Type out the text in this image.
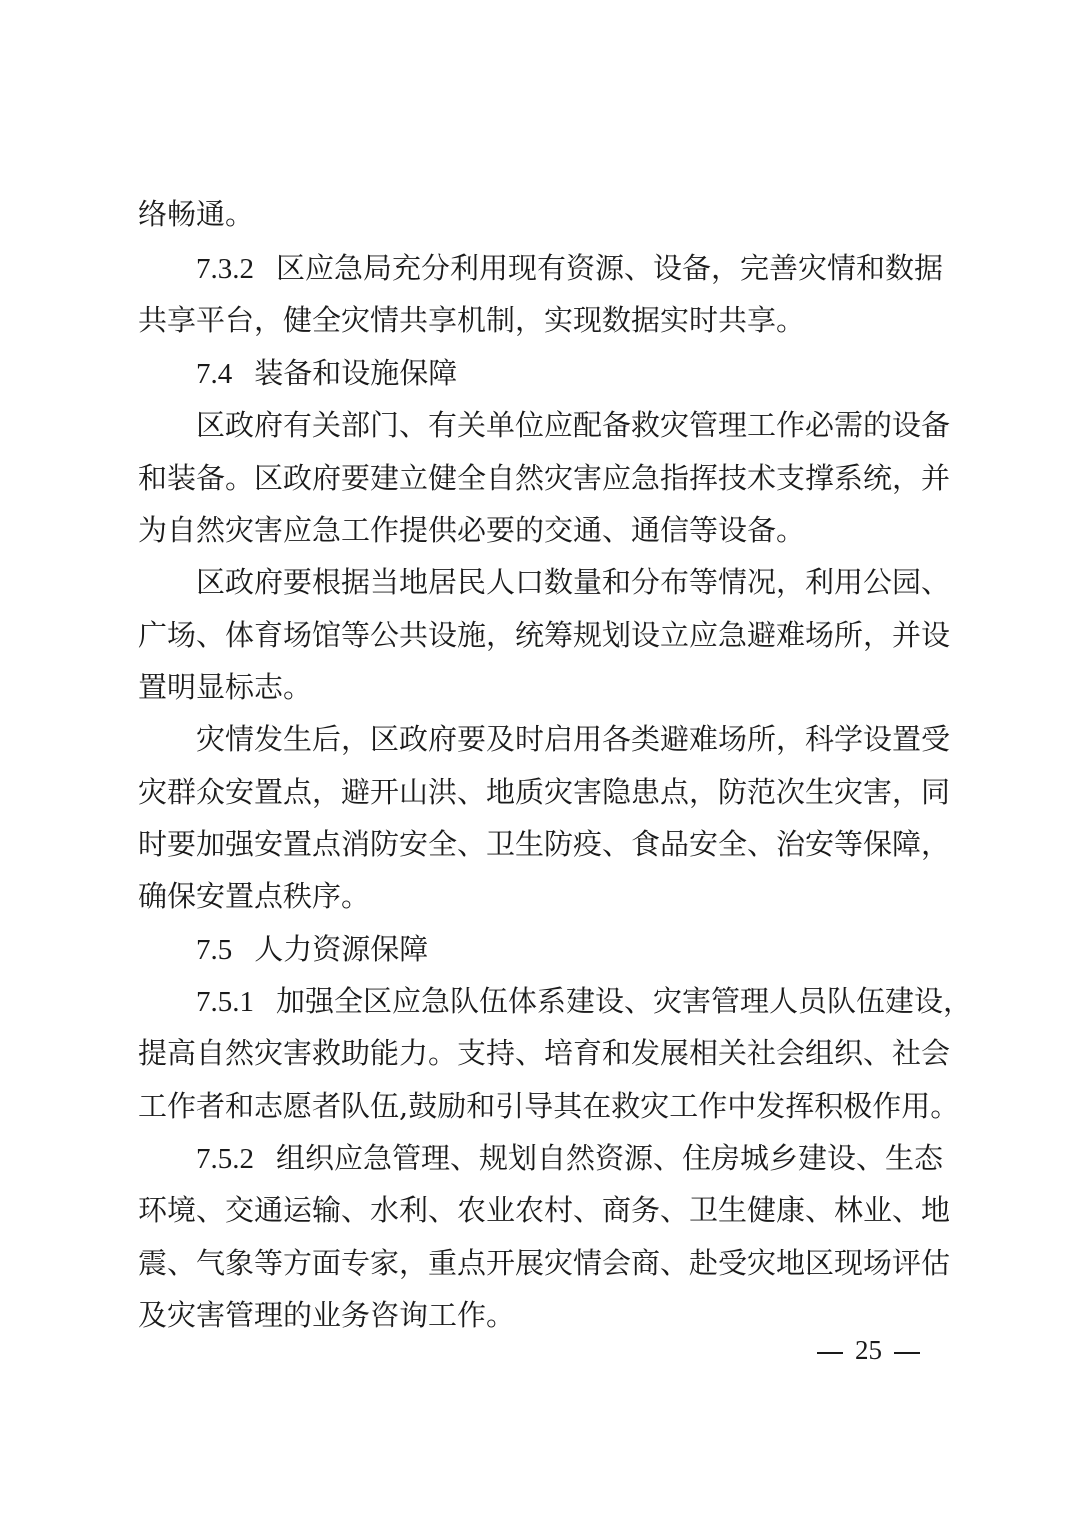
络畅通。
7.3.2 区应急局充分利用现有资源、设备，完善灾情和数据
共享平台，健全灾情共享机制，实现数据实时共享。
7.4 装备和设施保障
区政府有关部门、有关单位应配备救灾管理工作必需的设备
和装备。区政府要建立健全自然灾害应急指挥技术支撑系统，并
为自然灾害应急工作提供必要的交通、通信等设备。
区政府要根据当地居民人口数量和分布等情况，利用公园、
广场、体育场馆等公共设施，统筹规划设立应急避难场所，并设
置明显标志。
灾情发生后，区政府要及时启用各类避难场所，科学设置受
灾群众安置点，避开山洪、地质灾害隐患点，防范次生灾害，同
时要加强安置点消防安全、卫生防疫、食品安全、治安等保障，
确保安置点秩序。
7.5 人力资源保障
7.5.1 加强全区应急队伍体系建设、灾害管理人员队伍建设，
提高自然灾害救助能力。支持、培育和发展相关社会组织、社会
工作者和志愿者队伍,鼓励和引导其在救灾工作中发挥积极作用。
7.5.2 组织应急管理、规划自然资源、住房城乡建设、生态
环境、交通运输、水利、农业农村、商务、卫生健康、林业、地
震、气象等方面专家，重点开展灾情会商、赴受灾地区现场评估
及灾害管理的业务咨询工作。
25
